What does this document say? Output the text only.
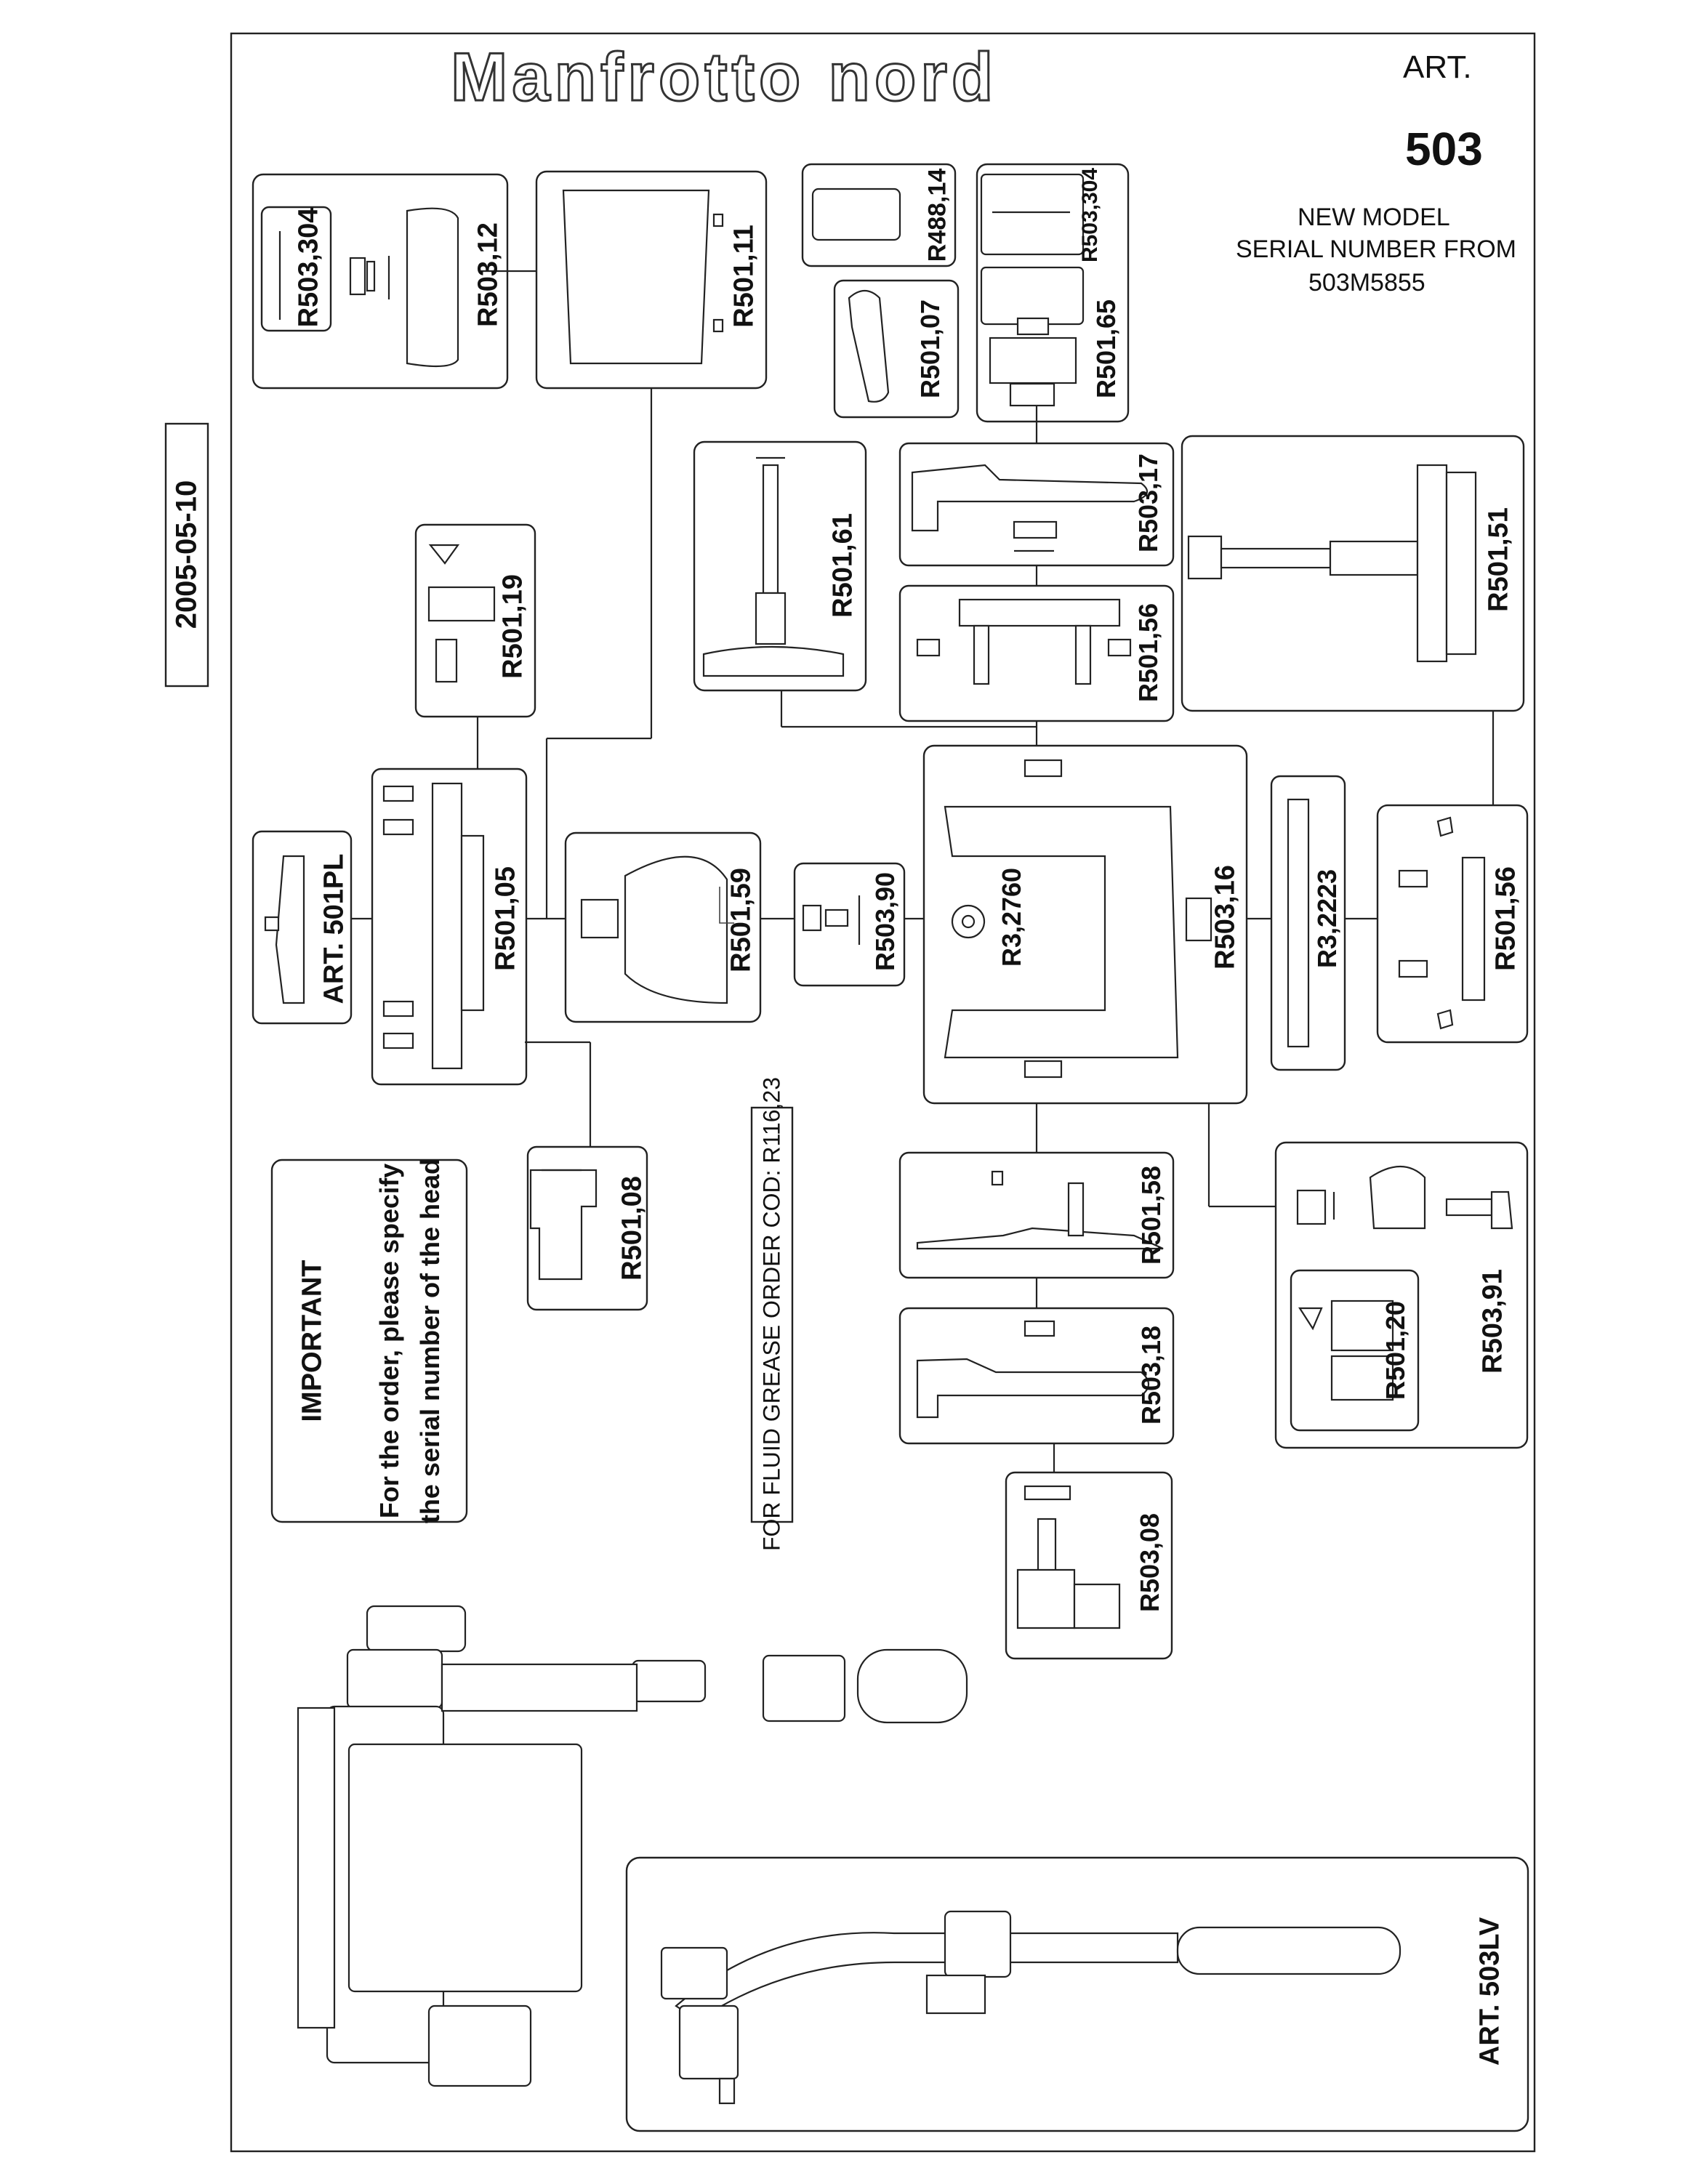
Manfrotto nord	ART.
503
NEW MODEL
SERIAL NUMBER FROM
503M5855
2005-05-10
R503,304	R503,12	R501,11
R488,14	R503,304
R501,07	R501,65
R501,61
R503,17
R501,51
R501,56
R501,19
ART. 501PL	R501,05	R501,59	R503,90	R3,2760	R503,16	R3,2223	R501,56
R501,08	R501,58
R503,91
R501,20
R503,18
R503,08
ART. 503LV
FOR FLUID GREASE ORDER COD: R116,23
IMPORTANT For the order, please specify the serial number of the head
